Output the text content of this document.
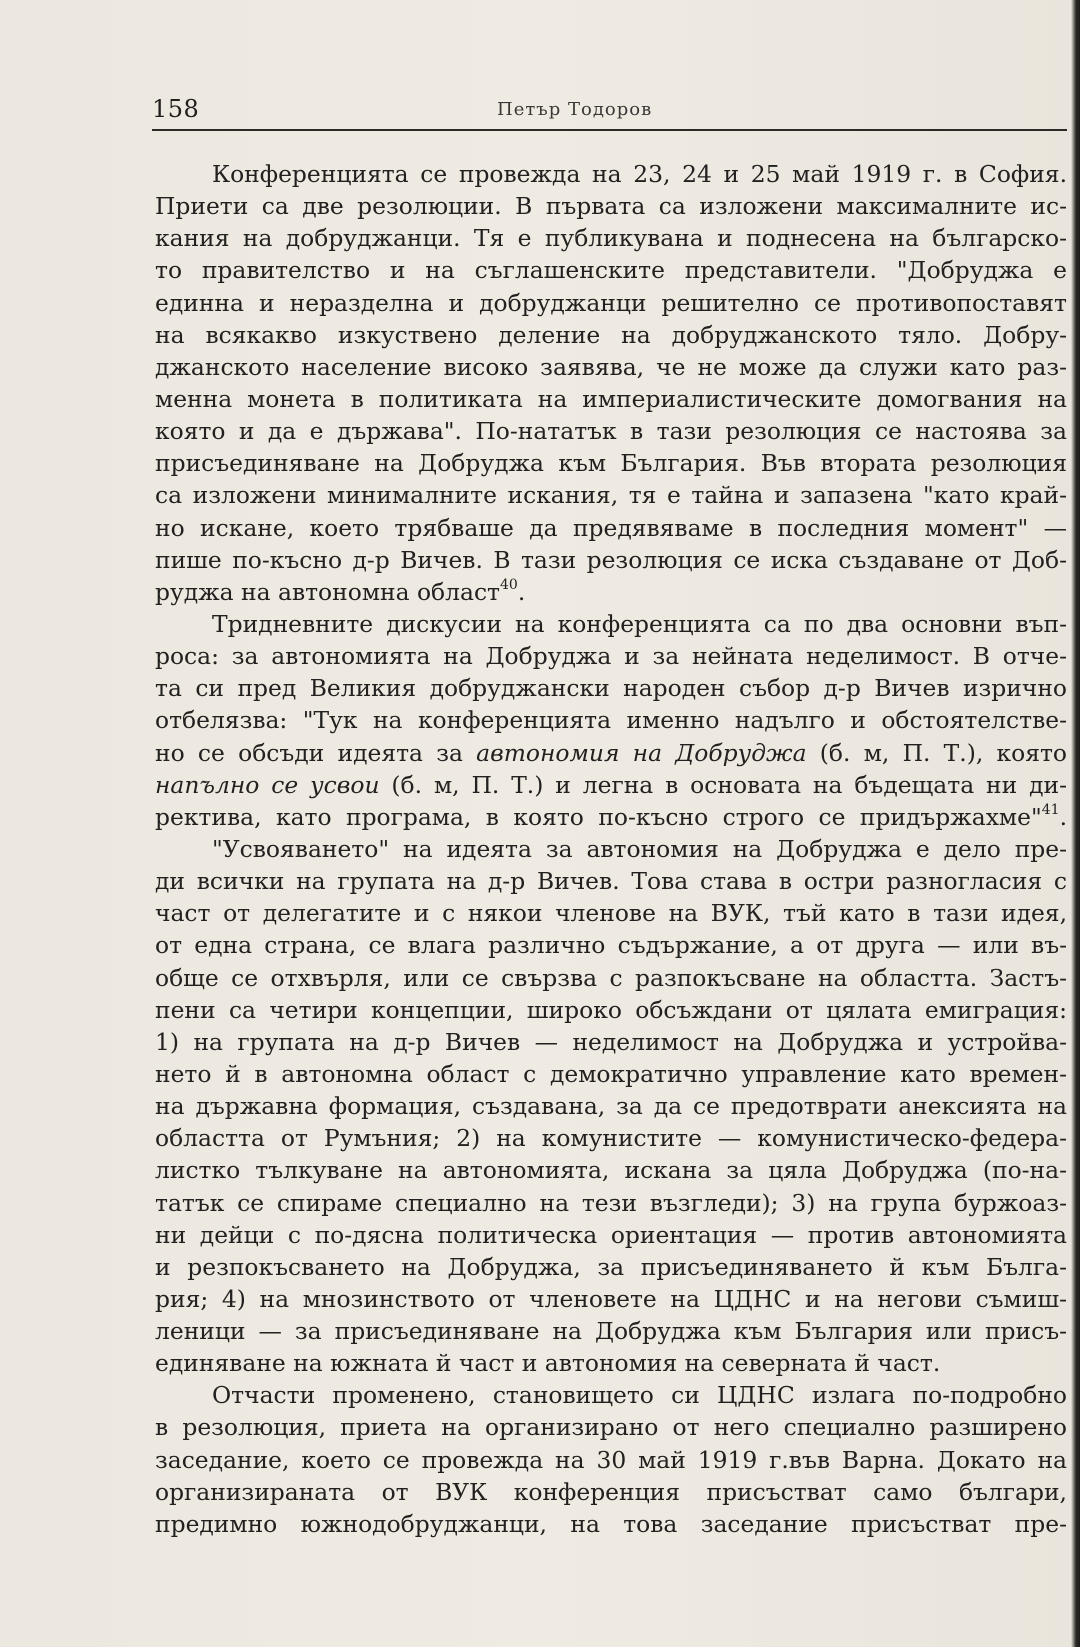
158	Петър Тодоров
Конференцията се провежда на 23, 24 и 25 май 1919 г. в София.
Приети са две резолюции. В първата са изложени максималните ис-
кания на добруджанци. Тя е публикувана и поднесена на българско-
то правителство и на съглашенските представители. "Добруджа е
единна и неразделна и добруджанци решително се противопоставят
на всякакво изкуствено деление на добруджанското тяло. Добру-
джанското население високо заявява, че не може да служи като раз-
менна монета в политиката на империалистическите домогвания на
която и да е държава". По-нататък в тази резолюция се настоява за
присъединяване на Добруджа към България. Във втората резолюция
са изложени минималните искания, тя е тайна и запазена "като край-
но искане, което трябваше да предявяваме в последния момент" —
пише по-късно д-р Вичев. В тази резолюция се иска създаване от Доб-
руджа на автономна област$^{40}$.
Тридневните дискусии на конференцията са по два основни въп-
роса: за автономията на Добруджа и за нейната неделимост. В отче-
та си пред Великия добруджански народен събор д-р Вичев изрично
отбелязва: "Тук на конференцията именно надълго и обстоятелстве-
но се обсъди идеята за автономия на Добруджа (б. м, П. Т.), която
напълно се усвои (б. м, П. Т.) и легна в основата на бъдещата ни ди-
ректива, като програма, в която по-късно строго се придържахме"$^{41}$.
"Усвояването" на идеята за автономия на Добруджа е дело пре-
ди всички на групата на д-р Вичев. Това става в остри разногласия с
част от делегатите и с някои членове на ВУК, тъй като в тази идея,
от една страна, се влага различно съдържание, а от друга — или въ-
обще се отхвърля, или се свързва с разпокъсване на областта. Застъ-
пени са четири концепции, широко обсъждани от цялата емиграция:
1) на групата на д-р Вичев — неделимост на Добруджа и устройва-
нето й в автономна област с демократично управление като времен-
на държавна формация, създавана, за да се предотврати анексията на
областта от Румъния; 2) на комунистите — комунистическо-федера-
листко тълкуване на автономията, искана за цяла Добруджа (по-на-
татък се спираме специално на тези възгледи); 3) на група буржоаз-
ни дейци с по-дясна политическа ориентация — против автономията
и резпокъсването на Добруджа, за присъединяването й към Бълга-
рия; 4) на мнозинството от членовете на ЦДНС и на негови съмиш-
леници — за присъединяване на Добруджа към България или присъ-
единяване на южната й част и автономия на северната й част.
Отчасти променено, становището си ЦДНС излага по-подробно
в резолюция, приета на организирано от него специално разширено
заседание, което се провежда на 30 май 1919 г.във Варна. Докато на
организираната от ВУК конференция присъстват само българи,
предимно южнодобруджанци, на това заседание присъстват пре-
